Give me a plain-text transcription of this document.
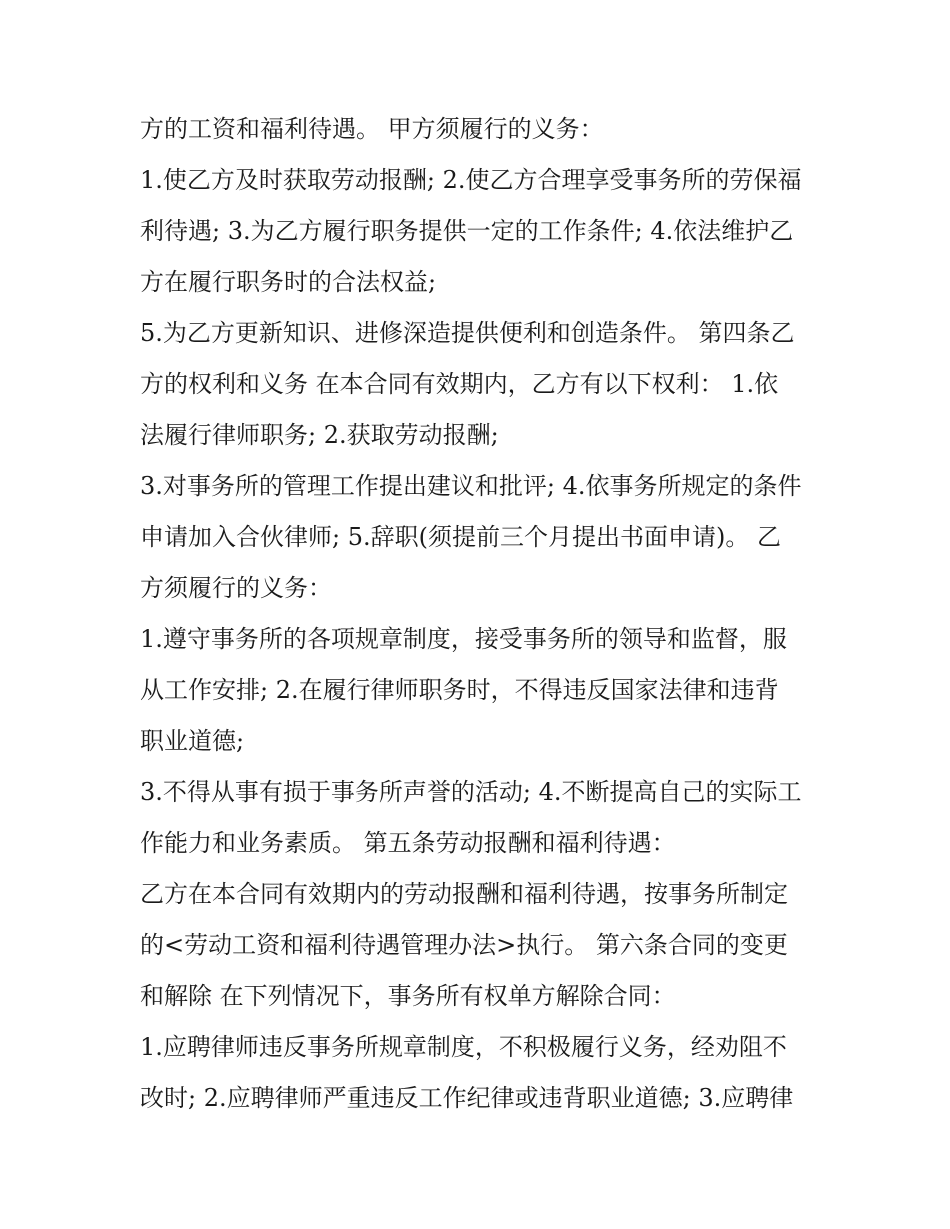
方的工资和福利待遇。 甲方须履行的义务：
1.使乙方及时获取劳动报酬; 2.使乙方合理享受事务所的劳保福
利待遇; 3.为乙方履行职务提供一定的工作条件; 4.依法维护乙
方在履行职务时的合法权益;
5.为乙方更新知识、进修深造提供便利和创造条件。 第四条乙
方的权利和义务 在本合同有效期内，乙方有以下权利： 1.依
法履行律师职务; 2.获取劳动报酬;
3.对事务所的管理工作提出建议和批评; 4.依事务所规定的条件
申请加入合伙律师; 5.辞职(须提前三个月提出书面申请)。 乙
方须履行的义务：
1.遵守事务所的各项规章制度，接受事务所的领导和监督，服
从工作安排; 2.在履行律师职务时，不得违反国家法律和违背
职业道德;
3.不得从事有损于事务所声誉的活动; 4.不断提高自己的实际工
作能力和业务素质。 第五条劳动报酬和福利待遇：
乙方在本合同有效期内的劳动报酬和福利待遇，按事务所制定
的<劳动工资和福利待遇管理办法>执行。 第六条合同的变更
和解除 在下列情况下，事务所有权单方解除合同：
1.应聘律师违反事务所规章制度，不积极履行义务，经劝阻不
改时; 2.应聘律师严重违反工作纪律或违背职业道德; 3.应聘律
